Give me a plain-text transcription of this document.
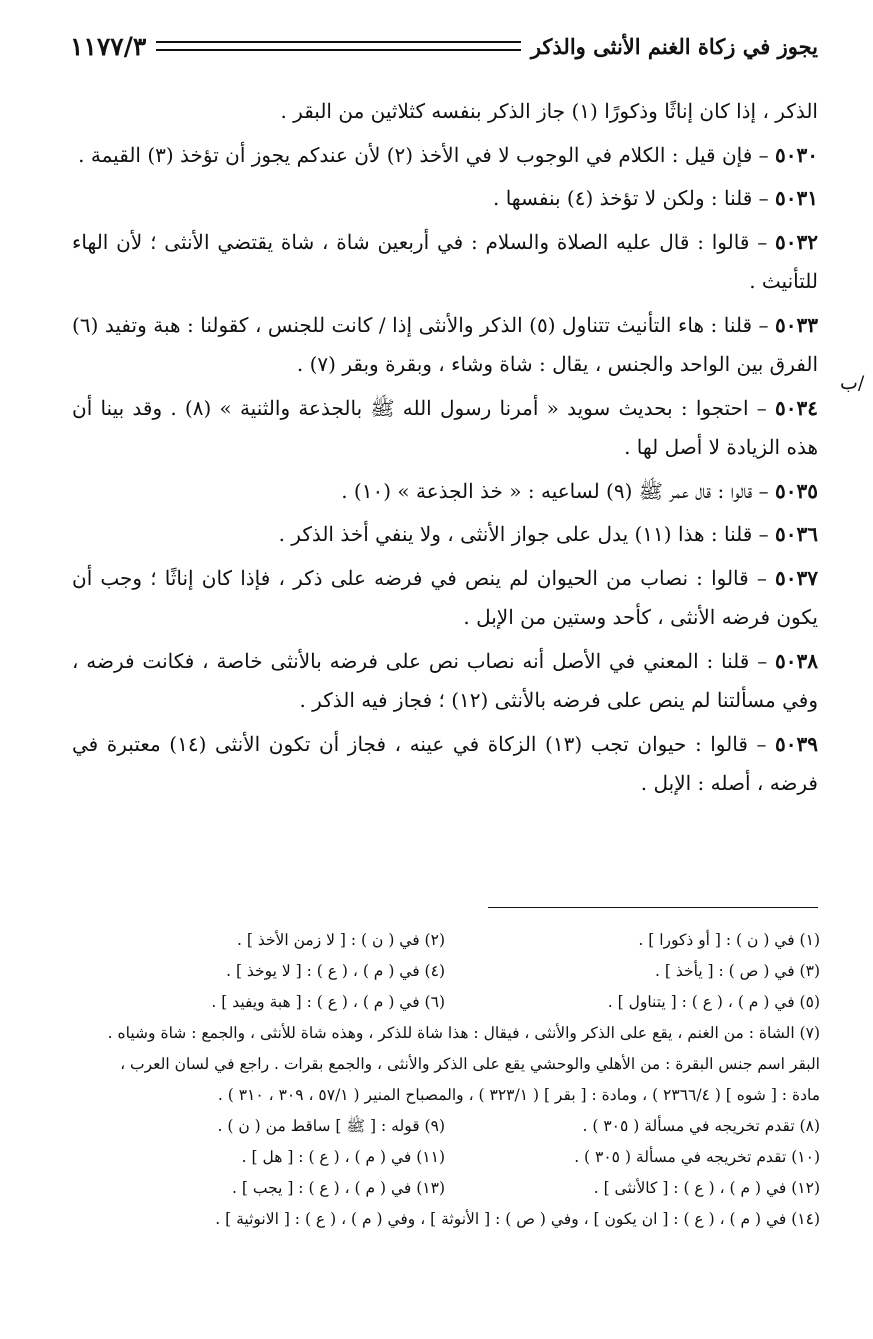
يجوز في زكاة الغنم الأنثى والذكر
١١٧٧/٣
/ب

الذكر ، إذا كان إناثًا وذكورًا (١) جاز الذكر بنفسه كثلاثين من البقر .

٥٠٣٠ – فإن قيل : الكلام في الوجوب لا في الأخذ (٢) لأن عندكم يجوز أن تؤخذ (٣) القيمة .

٥٠٣١ – قلنا : ولكن لا تؤخذ (٤) بنفسها .

٥٠٣٢ – قالوا : قال عليه الصلاة والسلام : في أربعين شاة ، شاة يقتضي الأنثى ؛ لأن الهاء للتأنيث .

٥٠٣٣ – قلنا : هاء التأنيث تتناول (٥) الذكر والأنثى إذا / كانت للجنس ، كقولنا : هبة وتفيد (٦) الفرق بين الواحد والجنس ، يقال : شاة وشاء ، وبقرة وبقر (٧) .

٥٠٣٤ – احتجوا : بحديث سويد « أمرنا رسول الله ﷺ بالجذعة والثنية » (٨) . وقد بينا أن هذه الزيادة لا أصل لها .

٥٠٣٥ – قالوا : قال عمر ﷺ (٩) لساعيه : « خذ الجذعة » (١٠) .

٥٠٣٦ – قلنا : هذا (١١) يدل على جواز الأنثى ، ولا ينفي أخذ الذكر .

٥٠٣٧ – قالوا : نصاب من الحيوان لم ينص في فرضه على ذكر ، فإذا كان إناثًا ؛ وجب أن يكون فرضه الأنثى ، كأحد وستين من الإبل .

٥٠٣٨ – قلنا : المعني في الأصل أنه نصاب نص على فرضه بالأنثى خاصة ، فكانت فرضه ، وفي مسألتنا لم ينص على فرضه بالأنثى (١٢) ؛ فجاز فيه الذكر .

٥٠٣٩ – قالوا : حيوان تجب (١٣) الزكاة في عينه ، فجاز أن تكون الأنثى (١٤) معتبرة في فرضه ، أصله : الإبل .

(١) في ( ن ) : [ أو ذكورا ] .
(٢) في ( ن ) : [ لا زمن الأخذ ] .
(٣) في ( ص ) : [ يأخذ ] .
(٤) في ( م ) ، ( ع ) : [ لا يوخذ ] .
(٥) في ( م ) ، ( ع ) : [ يتناول ] .
(٦) في ( م ) ، ( ع ) : [ هبة ويفيد ] .
(٧) الشاة : من الغنم ، يقع على الذكر والأنثى ، فيقال : هذا شاة للذكر ، وهذه شاة للأنثى ، والجمع : شاة وشياه .
البقر اسم جنس البقرة : من الأهلي والوحشي يقع على الذكر والأنثى ، والجمع بقرات . راجع في لسان العرب ،
مادة : [ شوه ] ( ٢٣٦٦/٤ ) ، ومادة : [ بقر ] ( ٣٢٣/١ ) ، والمصباح المنير ( ٥٧/١ ، ٣٠٩ ، ٣١٠ ) .
(٨) تقدم تخريجه في مسألة ( ٣٠٥ ) .
(٩) قوله : [ ﷺ ] ساقط من ( ن ) .
(١٠) تقدم تخريجه في مسألة ( ٣٠٥ ) .
(١١) في ( م ) ، ( ع ) : [ هل ] .
(١٢) في ( م ) ، ( ع ) : [ كالأنثى ] .
(١٣) في ( م ) ، ( ع ) : [ يجب ] .
(١٤) في ( م ) ، ( ع ) : [ ان يكون ] ، وفي ( ص ) : [ الأنوثة ] ، وفي ( م ) ، ( ع ) : [ الانوثية ] .
